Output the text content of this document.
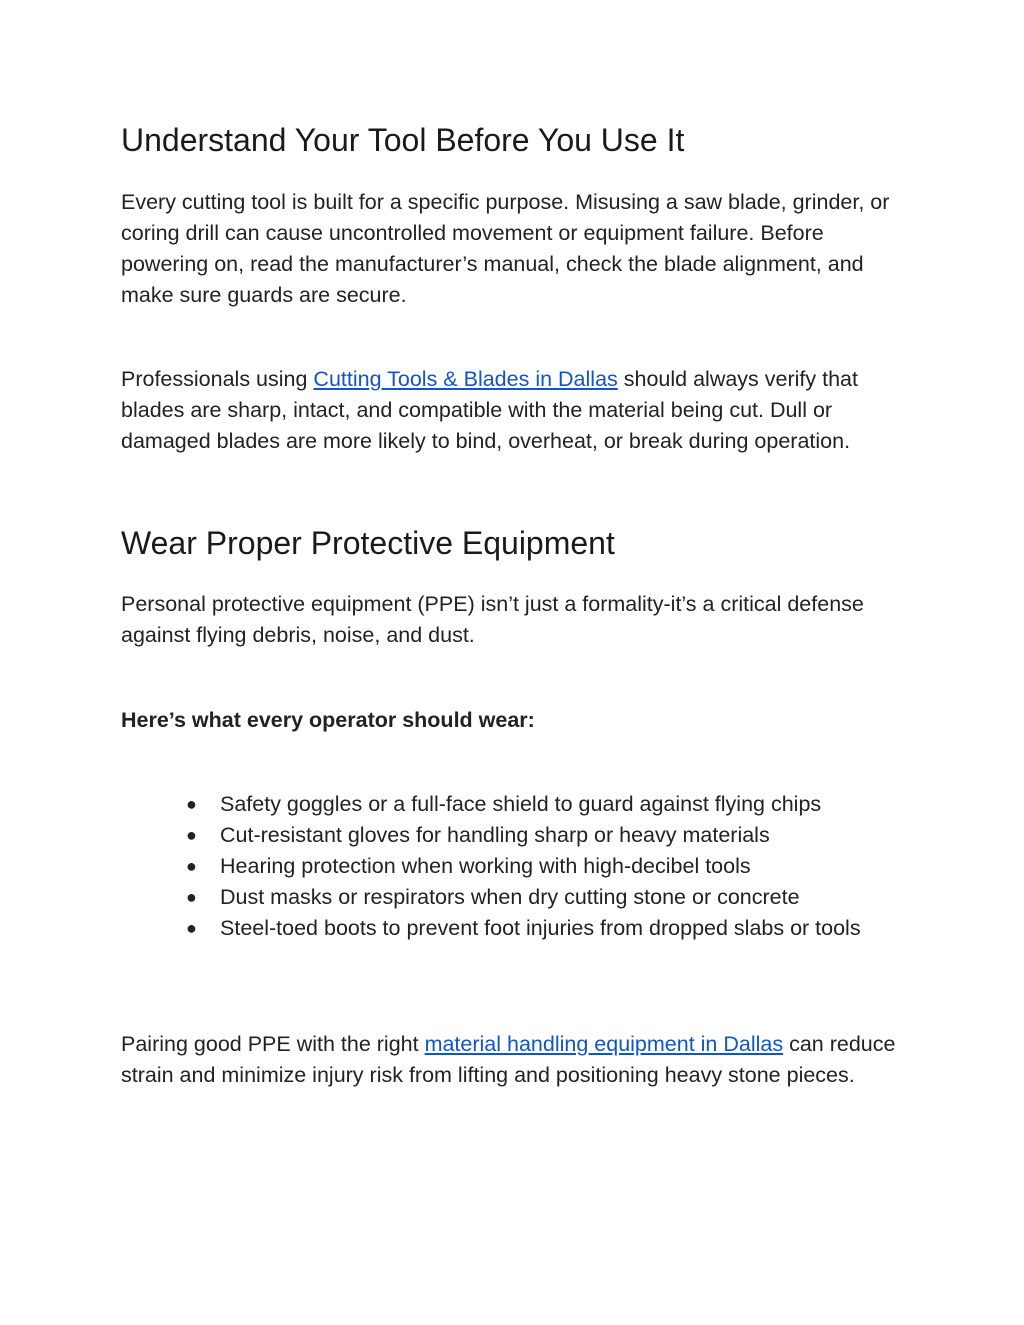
Understand Your Tool Before You Use It

Every cutting tool is built for a specific purpose. Misusing a saw blade, grinder, or coring drill can cause uncontrolled movement or equipment failure. Before powering on, read the manufacturer’s manual, check the blade alignment, and make sure guards are secure.

Professionals using Cutting Tools & Blades in Dallas should always verify that blades are sharp, intact, and compatible with the material being cut. Dull or damaged blades are more likely to bind, overheat, or break during operation.

Wear Proper Protective Equipment

Personal protective equipment (PPE) isn’t just a formality-it’s a critical defense against flying debris, noise, and dust.

Here’s what every operator should wear:

● Safety goggles or a full-face shield to guard against flying chips
● Cut-resistant gloves for handling sharp or heavy materials
● Hearing protection when working with high-decibel tools
● Dust masks or respirators when dry cutting stone or concrete
● Steel-toed boots to prevent foot injuries from dropped slabs or tools

Pairing good PPE with the right material handling equipment in Dallas can reduce strain and minimize injury risk from lifting and positioning heavy stone pieces.
